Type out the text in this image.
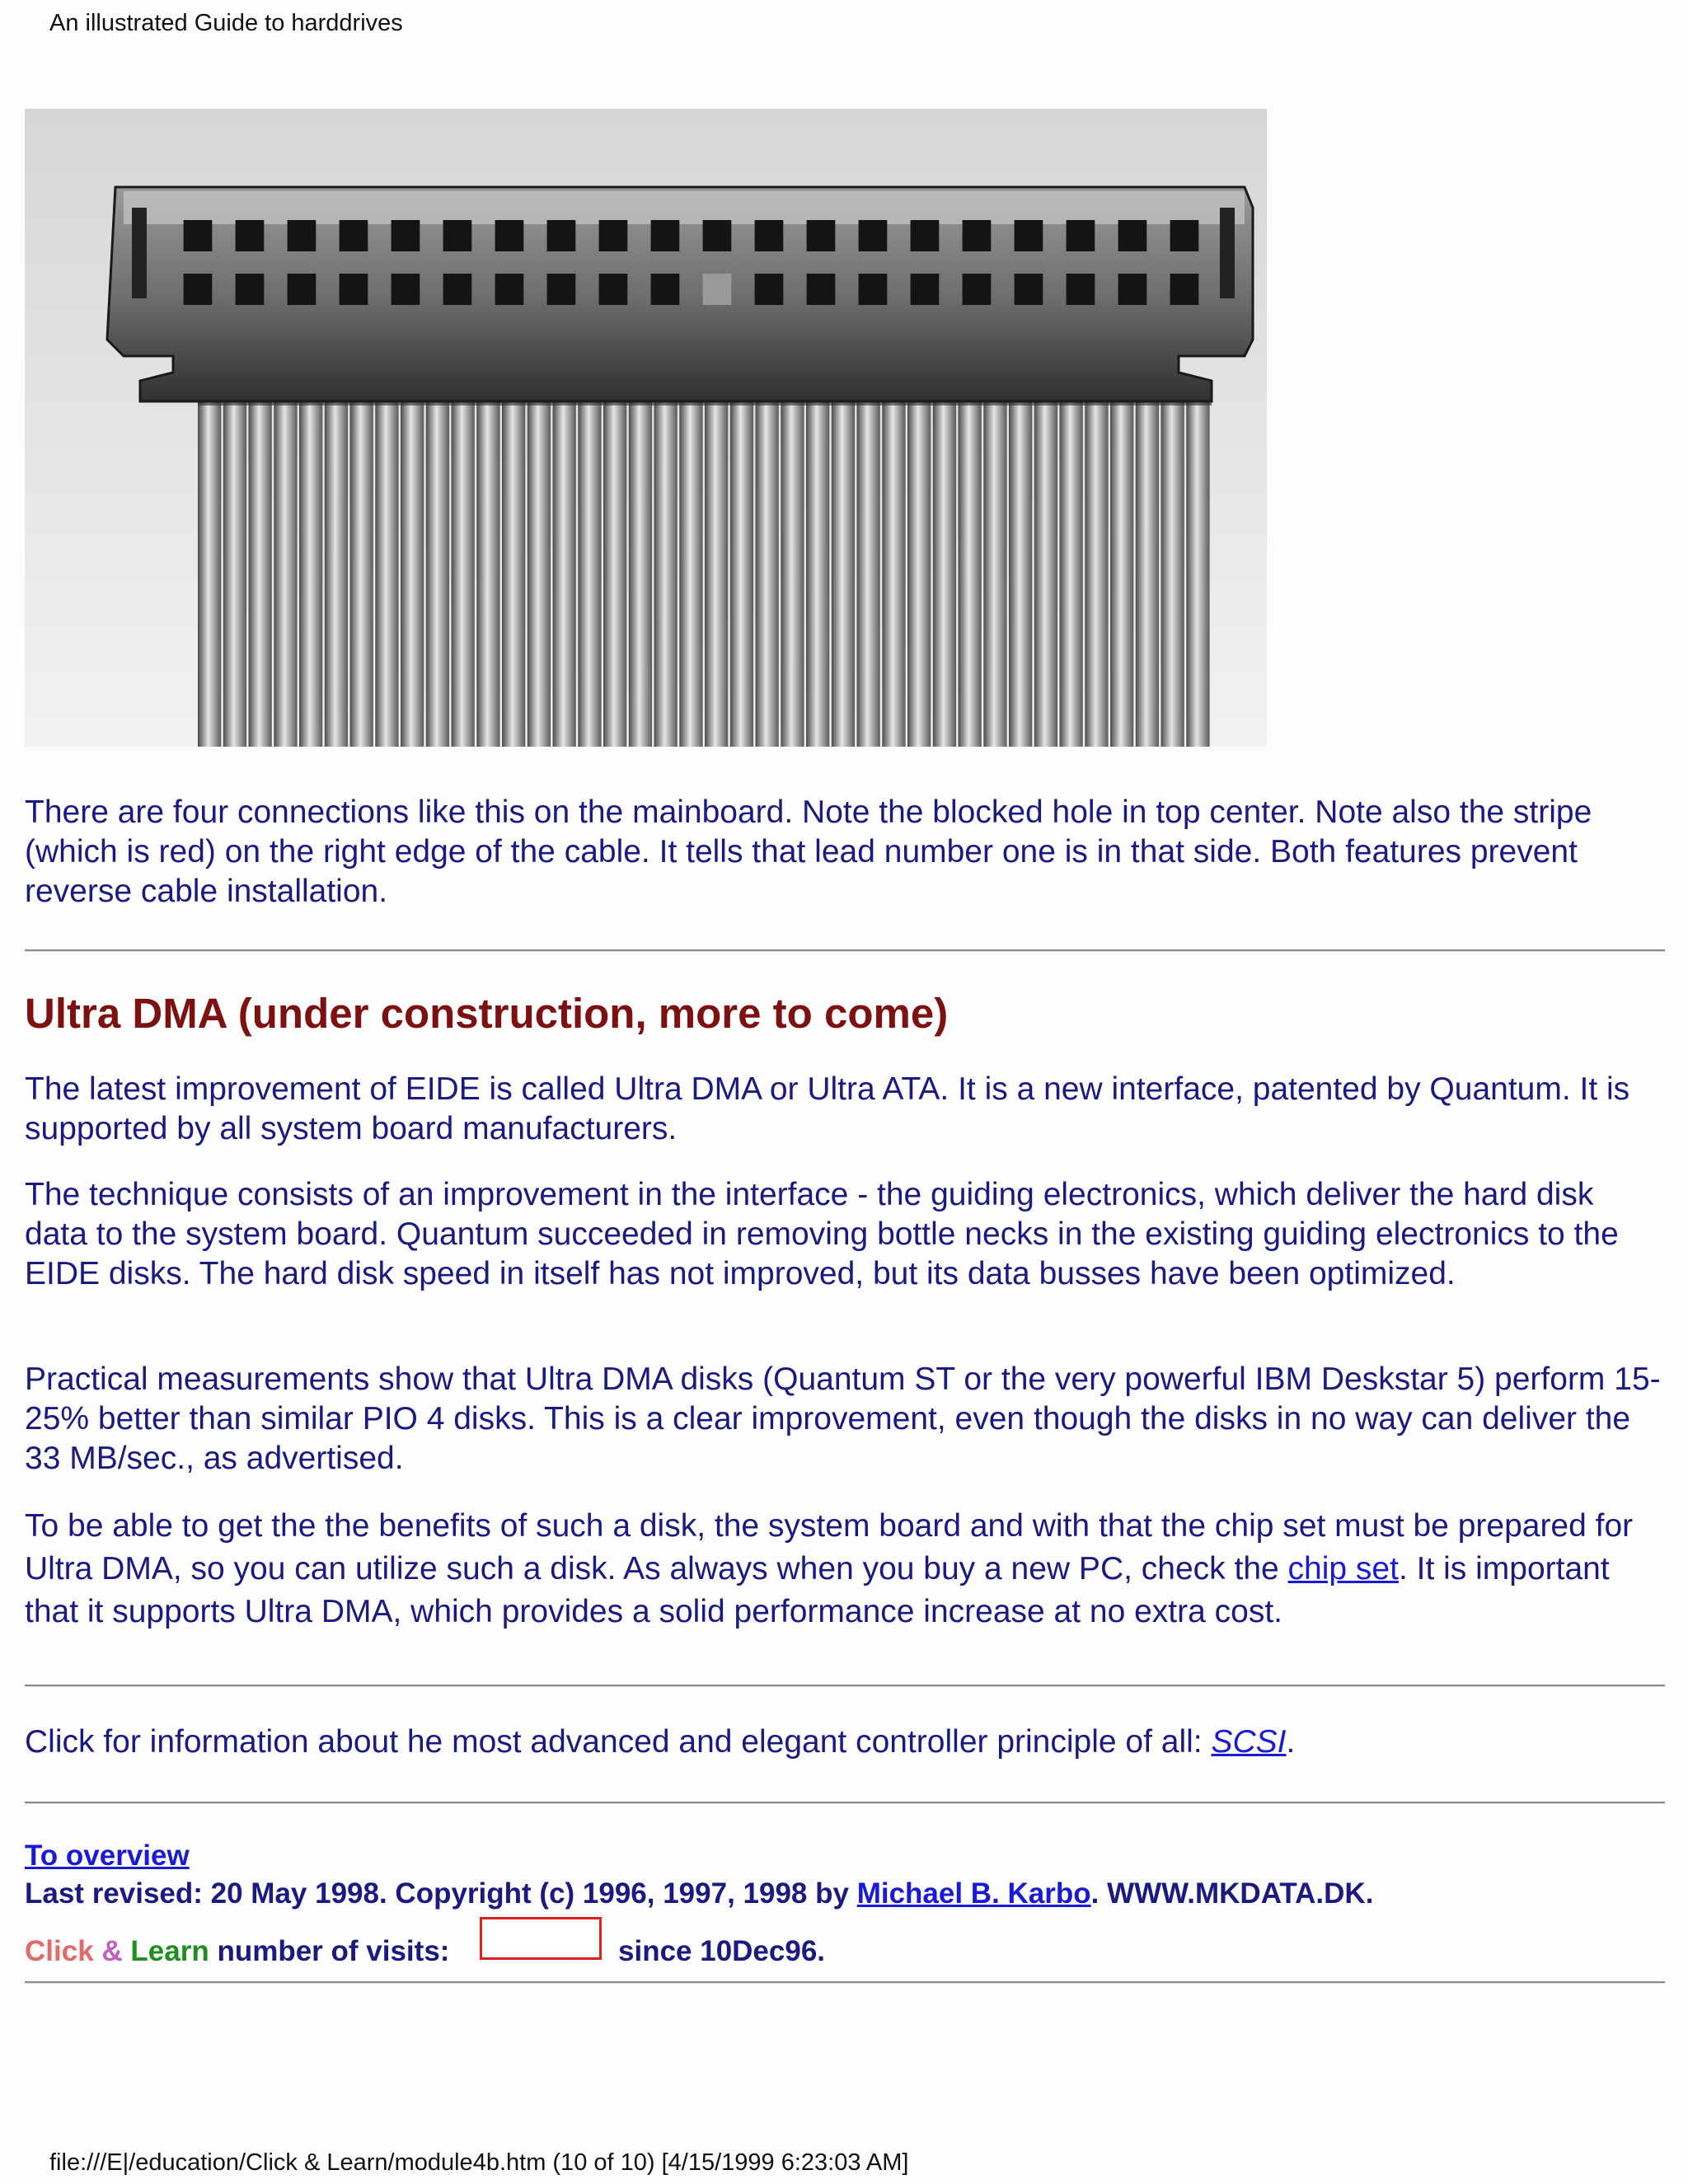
An illustrated Guide to harddrives

There are four connections like this on the mainboard. Note the blocked hole in top center. Note also the stripe (which is red) on the right edge of the cable. It tells that lead number one is in that side. Both features prevent reverse cable installation.

Ultra DMA (under construction, more to come)

The latest improvement of EIDE is called Ultra DMA or Ultra ATA. It is a new interface, patented by Quantum. It is supported by all system board manufacturers.

The technique consists of an improvement in the interface - the guiding electronics, which deliver the hard disk data to the system board. Quantum succeeded in removing bottle necks in the existing guiding electronics to the EIDE disks. The hard disk speed in itself has not improved, but its data busses have been optimized.

Practical measurements show that Ultra DMA disks (Quantum ST or the very powerful IBM Deskstar 5) perform 15-25% better than similar PIO 4 disks. This is a clear improvement, even though the disks in no way can deliver the 33 MB/sec., as advertised.

To be able to get the the benefits of such a disk, the system board and with that the chip set must be prepared for Ultra DMA, so you can utilize such a disk. As always when you buy a new PC, check the chip set. It is important that it supports Ultra DMA, which provides a solid performance increase at no extra cost.

Click for information about he most advanced and elegant controller principle of all: SCSI.

To overview

Last revised: 20 May 1998. Copyright (c) 1996, 1997, 1998 by Michael B. Karbo. WWW.MKDATA.DK.

Click & Learn number of visits:	since 10Dec96.

file:///E|/education/Click & Learn/module4b.htm (10 of 10) [4/15/1999 6:23:03 AM]
